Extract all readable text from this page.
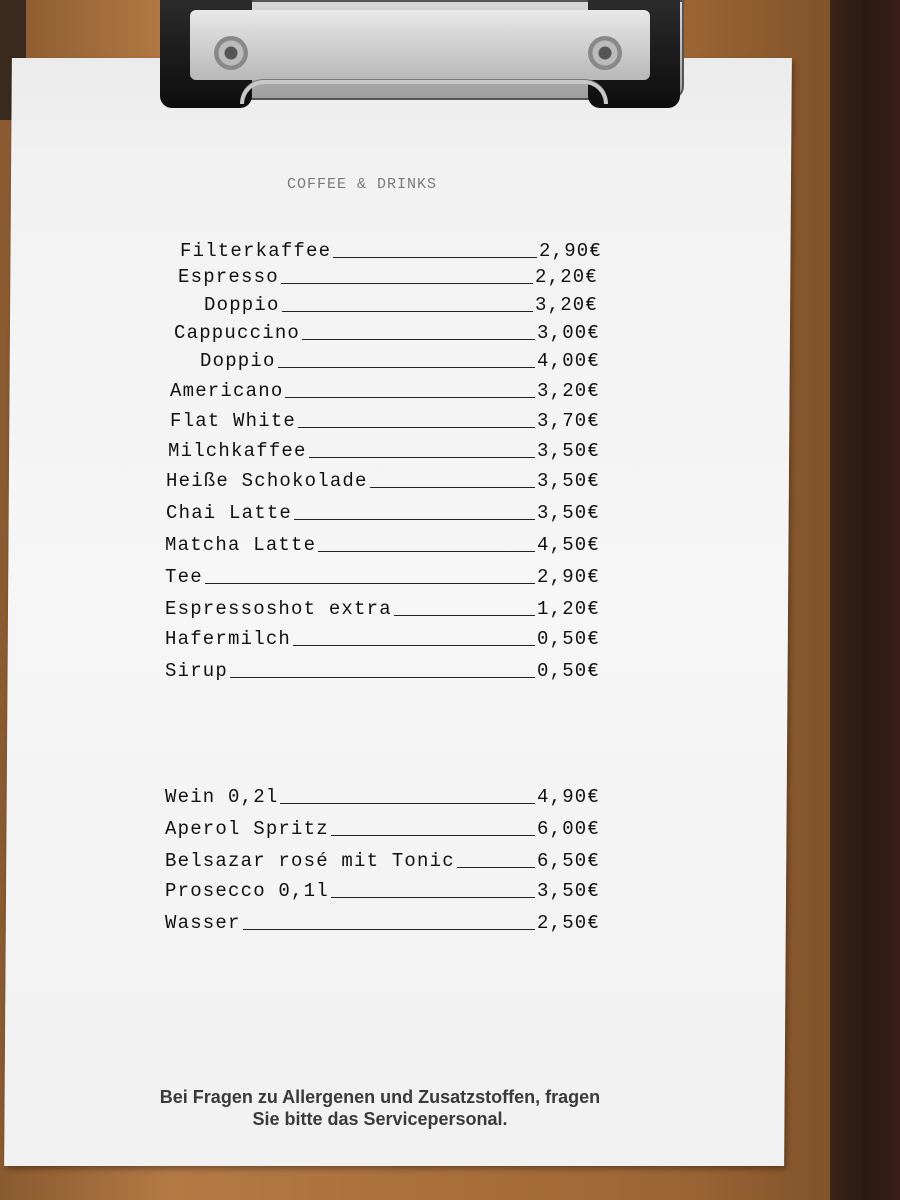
COFFEE & DRINKS
Filterkaffee	2,90€
Espresso	2,20€
Doppio	3,20€
Cappuccino	3,00€
Doppio	4,00€
Americano	3,20€
Flat White	3,70€
Milchkaffee	3,50€
Heiße Schokolade	3,50€
Chai Latte	3,50€
Matcha Latte	4,50€
Tee	2,90€
Espressoshot extra	1,20€
Hafermilch	0,50€
Sirup	0,50€
Wein 0,2l	4,90€
Aperol Spritz	6,00€
Belsazar rosé mit Tonic	6,50€
Prosecco 0,1l	3,50€
Wasser	2,50€
Bei Fragen zu Allergenen und Zusatzstoffen, fragen
Sie bitte das Servicepersonal.
